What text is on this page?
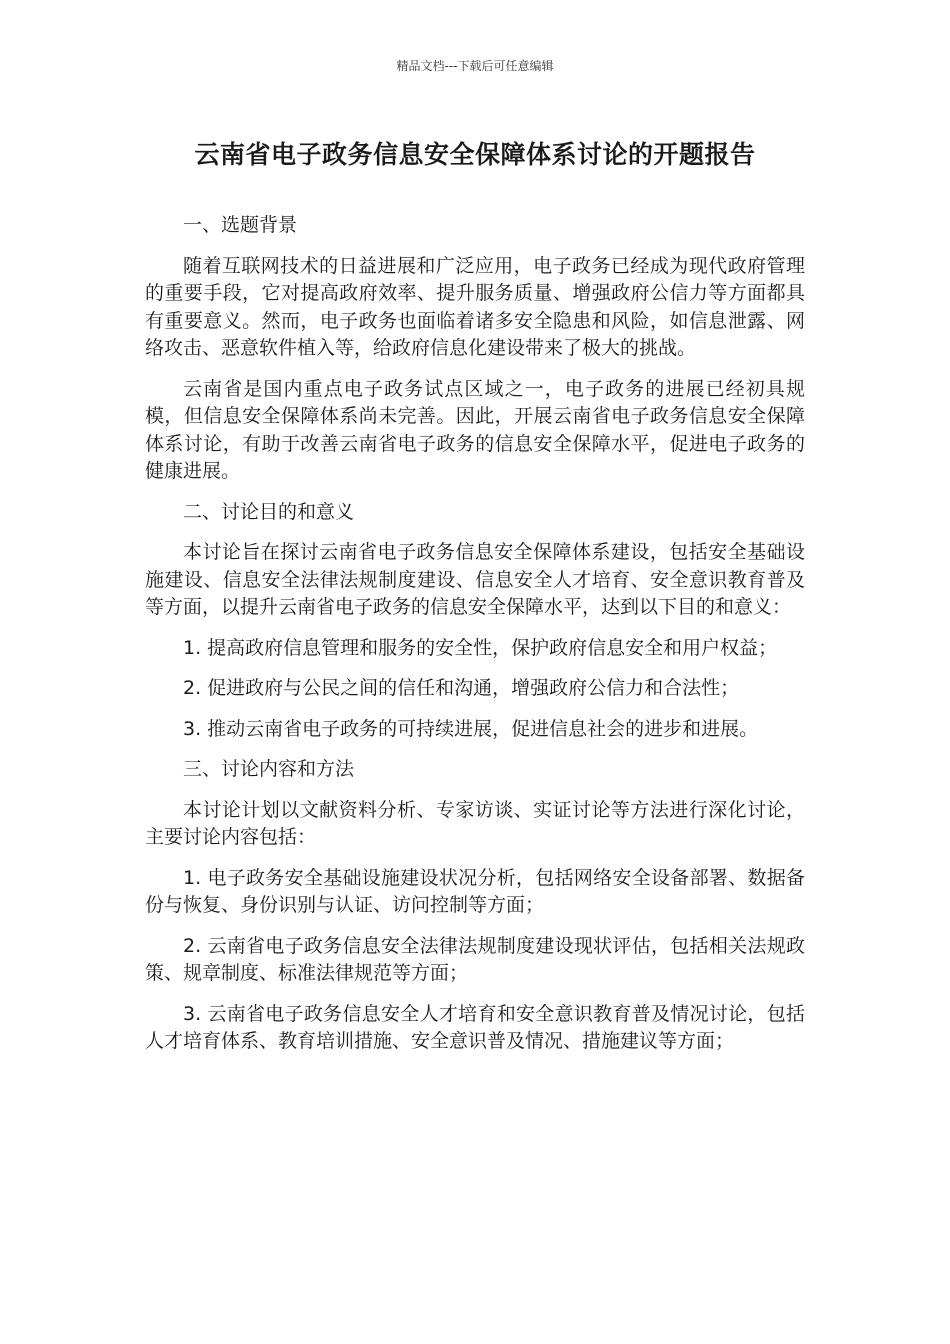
精品文档---下载后可任意编辑
云南省电子政务信息安全保障体系讨论的开题报告

一、选题背景

随着互联网技术的日益进展和广泛应用，电子政务已经成为现代政府管理的重要手段，它对提高政府效率、提升服务质量、增强政府公信力等方面都具有重要意义。然而，电子政务也面临着诸多安全隐患和风险，如信息泄露、网络攻击、恶意软件植入等，给政府信息化建设带来了极大的挑战。

云南省是国内重点电子政务试点区域之一，电子政务的进展已经初具规模，但信息安全保障体系尚未完善。因此，开展云南省电子政务信息安全保障体系讨论，有助于改善云南省电子政务的信息安全保障水平，促进电子政务的健康进展。

二、讨论目的和意义

本讨论旨在探讨云南省电子政务信息安全保障体系建设，包括安全基础设施建设、信息安全法律法规制度建设、信息安全人才培育、安全意识教育普及等方面，以提升云南省电子政务的信息安全保障水平，达到以下目的和意义：

1. 提高政府信息管理和服务的安全性，保护政府信息安全和用户权益；

2. 促进政府与公民之间的信任和沟通，增强政府公信力和合法性；

3. 推动云南省电子政务的可持续进展，促进信息社会的进步和进展。

三、讨论内容和方法

本讨论计划以文献资料分析、专家访谈、实证讨论等方法进行深化讨论，主要讨论内容包括：

1. 电子政务安全基础设施建设状况分析，包括网络安全设备部署、数据备份与恢复、身份识别与认证、访问控制等方面；

2. 云南省电子政务信息安全法律法规制度建设现状评估，包括相关法规政策、规章制度、标准法律规范等方面；

3. 云南省电子政务信息安全人才培育和安全意识教育普及情况讨论，包括人才培育体系、教育培训措施、安全意识普及情况、措施建议等方面；
